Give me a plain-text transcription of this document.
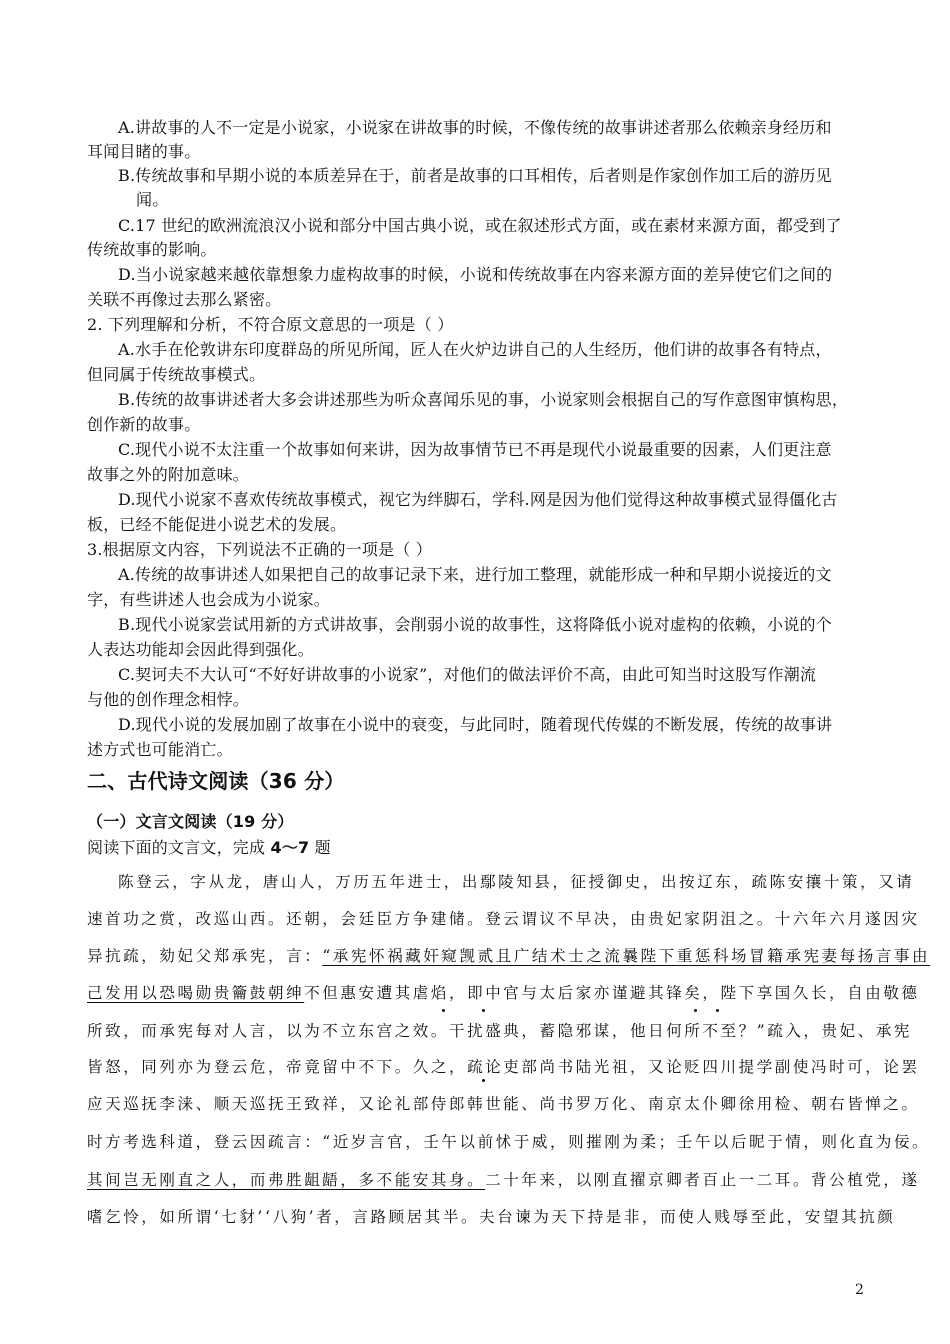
A.讲故事的人不一定是小说家，小说家在讲故事的时候，不像传统的故事讲述者那么依赖亲身经历和
耳闻目睹的事。
B.传统故事和早期小说的本质差异在于，前者是故事的口耳相传，后者则是作家创作加工后的游历见
闻。
C.17 世纪的欧洲流浪汉小说和部分中国古典小说，或在叙述形式方面，或在素材来源方面，都受到了
传统故事的影响。
D.当小说家越来越依靠想象力虚构故事的时候，小说和传统故事在内容来源方面的差异使它们之间的
关联不再像过去那么紧密。
2. 下列理解和分析，不符合原文意思的一项是（ ）
A.水手在伦敦讲东印度群岛的所见所闻，匠人在火炉边讲自己的人生经历，他们讲的故事各有特点，
但同属于传统故事模式。
B.传统的故事讲述者大多会讲述那些为听众喜闻乐见的事，小说家则会根据自己的写作意图审慎构思，
创作新的故事。
C.现代小说不太注重一个故事如何来讲，因为故事情节已不再是现代小说最重要的因素，人们更注意
故事之外的附加意味。
D.现代小说家不喜欢传统故事模式，视它为绊脚石，学科.网是因为他们觉得这种故事模式显得僵化古
板，已经不能促进小说艺术的发展。
3.根据原文内容，下列说法不正确的一项是（ ）
A.传统的故事讲述人如果把自己的故事记录下来，进行加工整理，就能形成一种和早期小说接近的文
字，有些讲述人也会成为小说家。
B.现代小说家尝试用新的方式讲故事，会削弱小说的故事性，这将降低小说对虚构的依赖，小说的个
人表达功能却会因此得到强化。
C.契诃夫不大认可“不好好讲故事的小说家”，对他们的做法评价不高，由此可知当时这股写作潮流
与他的创作理念相悖。
D.现代小说的发展加剧了故事在小说中的衰变，与此同时，随着现代传媒的不断发展，传统的故事讲
述方式也可能消亡。
二、古代诗文阅读（36 分）
（一）文言文阅读（19 分）
阅读下面的文言文，完成 4～7 题
陈登云，字从龙，唐山人，万历五年进士，出鄢陵知县，征授御史，出按辽东，疏陈安攘十策，又请
速首功之赏，改巡山西。还朝，会廷臣方争建储。登云谓议不早决，由贵妃家阴沮之。十六年六月遂因灾
异抗疏，劾妃父郑承宪，言：“承宪怀祸藏奸窥觊贰且广结术士之流曩陛下重惩科场冒籍承宪妻每扬言事由
己发用以恐喝勋贵籥鼓朝绅不但惠安遭其虐焰，即中官与太后家亦谨避其锋矣，陛下享国久长，自由敬德
所致，而承宪每对人言，以为不立东宫之效。干扰盛典，蓄隐邪谋，他日何所不至？”疏入，贵妃、承宪
皆怒，同列亦为登云危，帝竟留中不下。久之，疏论吏部尚书陆光祖，又论贬四川提学副使冯时可，论罢
应天巡抚李涞、顺天巡抚王致祥，又论礼部侍郎韩世能、尚书罗万化、南京太仆卿徐用检、朝右皆惮之。
时方考选科道，登云因疏言：“近岁言官，壬午以前怵于威，则摧刚为柔；壬午以后昵于情，则化直为佞。
其间岂无刚直之人，而弗胜龃龉，多不能安其身。二十年来，以刚直擢京卿者百止一二耳。背公植党，遂
嗜乞怜，如所谓‘七豺’‘八狗’者，言路顾居其半。夫台谏为天下持是非，而使人贱辱至此，安望其抗颜
2
